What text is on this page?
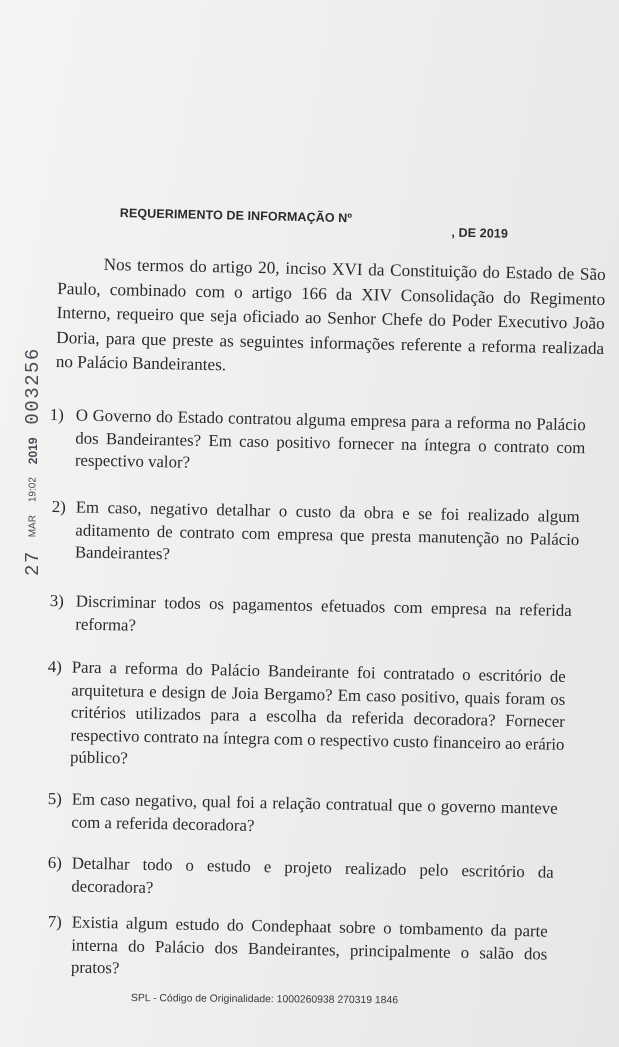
REQUERIMENTO DE INFORMAÇÃO Nº
, DE 2019
Nos termos do artigo 20, inciso XVI da Constituição do Estado de São Paulo, combinado com o artigo 166 da XIV Consolidação do Regimento Interno, requeiro que seja oficiado ao Senhor Chefe do Poder Executivo João Doria, para que preste as seguintes informações referente a reforma realizada no Palácio Bandeirantes.
1) O Governo do Estado contratou alguma empresa para a reforma no Palácio dos Bandeirantes? Em caso positivo fornecer na íntegra o contrato com respectivo valor?
2) Em caso, negativo detalhar o custo da obra e se foi realizado algum aditamento de contrato com empresa que presta manutenção no Palácio Bandeirantes?
3) Discriminar todos os pagamentos efetuados com empresa na referida reforma?
4) Para a reforma do Palácio Bandeirante foi contratado o escritório de arquitetura e design de Joia Bergamo? Em caso positivo, quais foram os critérios utilizados para a escolha da referida decoradora? Fornecer respectivo contrato na íntegra com o respectivo custo financeiro ao erário público?
5) Em caso negativo, qual foi a relação contratual que o governo manteve com a referida decoradora?
6) Detalhar todo o estudo e projeto realizado pelo escritório da decoradora?
7) Existia algum estudo do Condephaat sobre o tombamento da parte interna do Palácio dos Bandeirantes, principalmente o salão dos pratos?
27 MAR 19:02 2019 003256
SPL - Código de Originalidade: 1000260938 270319 1846
